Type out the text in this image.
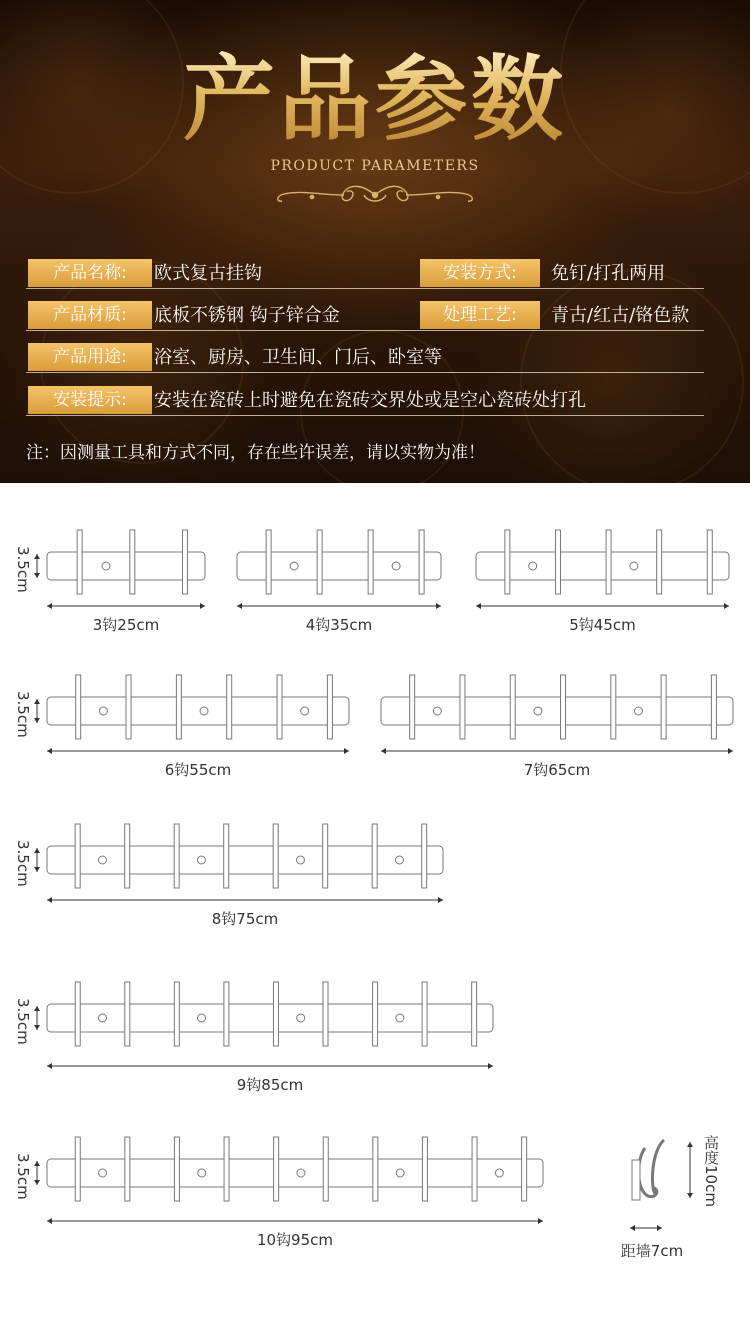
产品参数
PRODUCT PARAMETERS
产品名称:	欧式复古挂钩	安装方式:	免钉/打孔两用
产品材质:	底板不锈钢 钩子锌合金	处理工艺:	青古/红古/铬色款
产品用途:	浴室、厨房、卫生间、门后、卧室等
安装提示:	安装在瓷砖上时避免在瓷砖交界处或是空心瓷砖处打孔
注：因测量工具和方式不同，存在些许误差，请以实物为准！
3钩25cm
3.5cm
4钩35cm	5钩45cm
6钩55cm
3.5cm
7钩65cm
8钩75cm
3.5cm
9钩85cm
3.5cm
10钩95cm
3.5cm	高度10cm
距墙7cm
